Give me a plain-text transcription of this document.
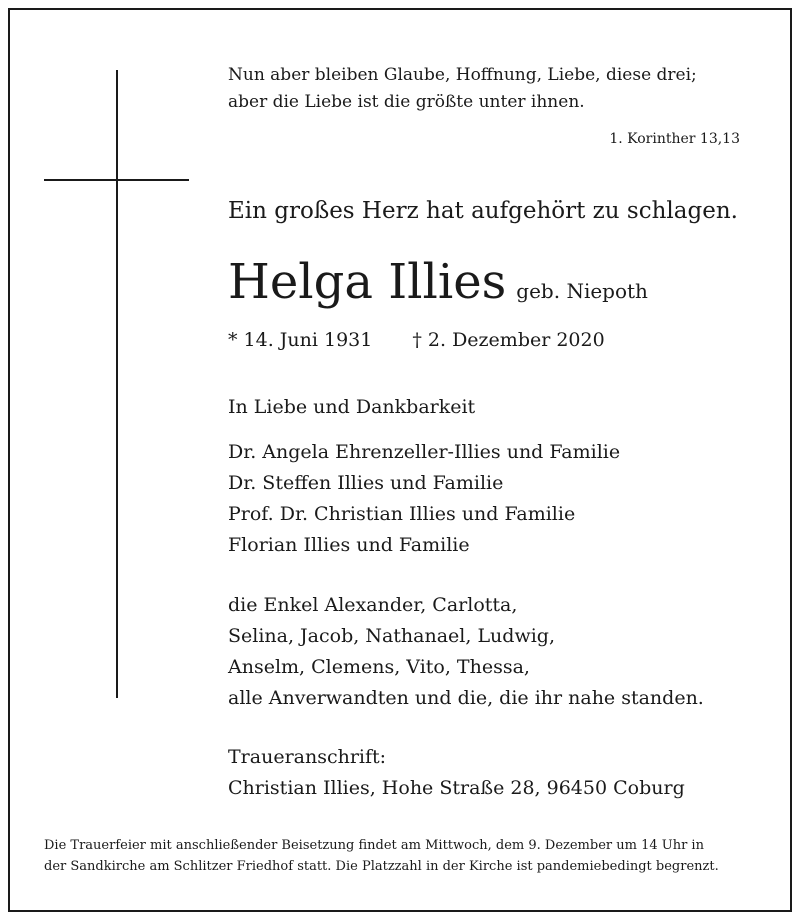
Nun aber bleiben Glaube, Hoffnung, Liebe, diese drei;
aber die Liebe ist die größte unter ihnen.

1. Korinther 13,13
Ein großes Herz hat aufgehört zu schlagen.
Helga Illies geb. Niepoth
* 14. Juni 1931 † 2. Dezember 2020
In Liebe und Dankbarkeit
Dr. Angela Ehrenzeller-Illies und Familie
Dr. Steffen Illies und Familie
Prof. Dr. Christian Illies und Familie
Florian Illies und Familie
die Enkel Alexander, Carlotta,
Selina, Jacob, Nathanael, Ludwig,
Anselm, Clemens, Vito, Thessa,
alle Anverwandten und die, die ihr nahe standen.
Traueranschrift:
Christian Illies, Hohe Straße 28, 96450 Coburg

Die Trauerfeier mit anschließender Beisetzung findet am Mittwoch, dem 9. Dezember um 14 Uhr in
der Sandkirche am Schlitzer Friedhof statt. Die Platzzahl in der Kirche ist pandemiebedingt begrenzt.
